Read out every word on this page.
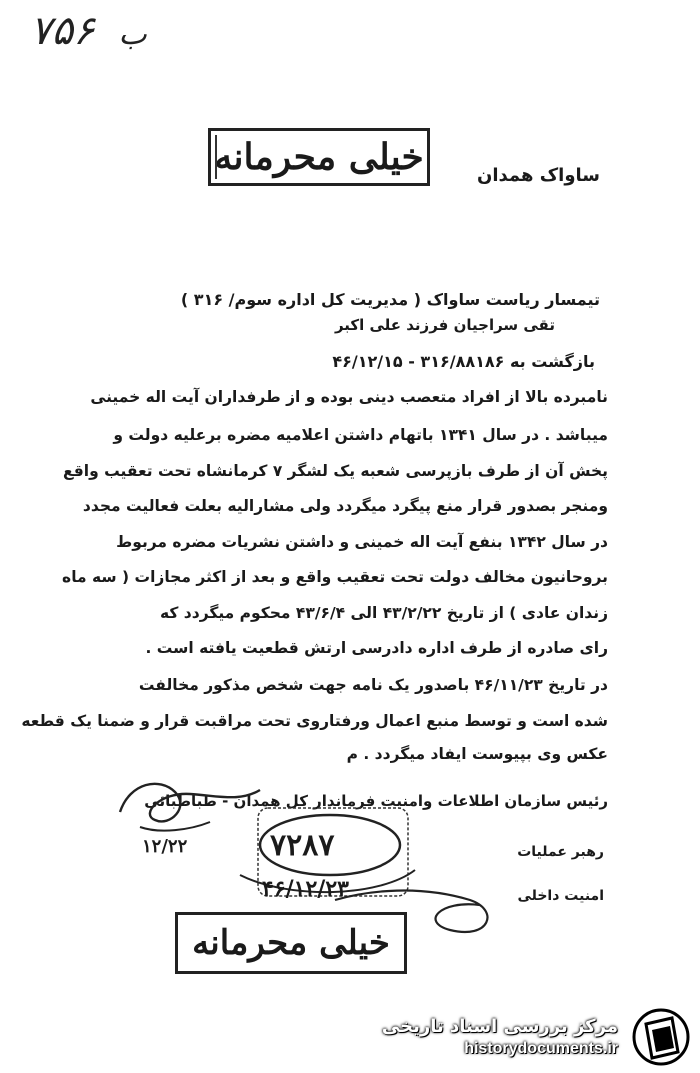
۷۵۶ ب
خیلی محرمانه	ساواک همدان
تیمسار ریاست ساواک ( مدیریت کل اداره سوم/ ۳۱۶ )
تقی سراجیان فرزند علی اکبر
بازگشت به ۳۱۶/۸۸۱۸۶ - ۴۶/۱۲/۱۵
نامبرده بالا از افراد متعصب دینی بوده و از طرفداران آیت اله خمینی
میباشد . در سال ۱۳۴۱ باتهام داشتن اعلامیه مضره برعلیه دولت و
پخش آن از طرف بازپرسی شعبه یک لشگر ۷ کرمانشاه تحت تعقیب واقع
ومنجر بصدور قرار منع پیگرد میگردد ولی مشارالیه بعلت فعالیت مجدد
در سال ۱۳۴۲ بنفع آیت اله خمینی و داشتن نشریات مضره مربوط
بروحانیون مخالف دولت تحت تعقیب واقع و بعد از اکثر مجازات ( سه ماه
زندان عادی ) از تاریخ ۴۳/۲/۲۲ الی ۴۳/۶/۴ محکوم میگردد که
رای صادره از طرف اداره دادرسی ارتش قطعیت یافته است .
در تاریخ ۴۶/۱۱/۲۳ باصدور یک نامه جهت شخص مذکور مخالفت
شده است و توسط منبع اعمال ورفتاروی تحت مراقبت قرار و ضمنا یک قطعه
عکس وی بپیوست ایفاد میگردد . م
رئیس سازمان اطلاعات وامنیت فرماندار کل همدان - طباطبائی
۱۲/۲۲	۷۲۸۷
۴۶/۱۲/۲۳
رهبر عملیات
امنیت داخلی
خیلی محرمانه
مرکز بررسی اسناد تاریخی
historydocuments.ir
